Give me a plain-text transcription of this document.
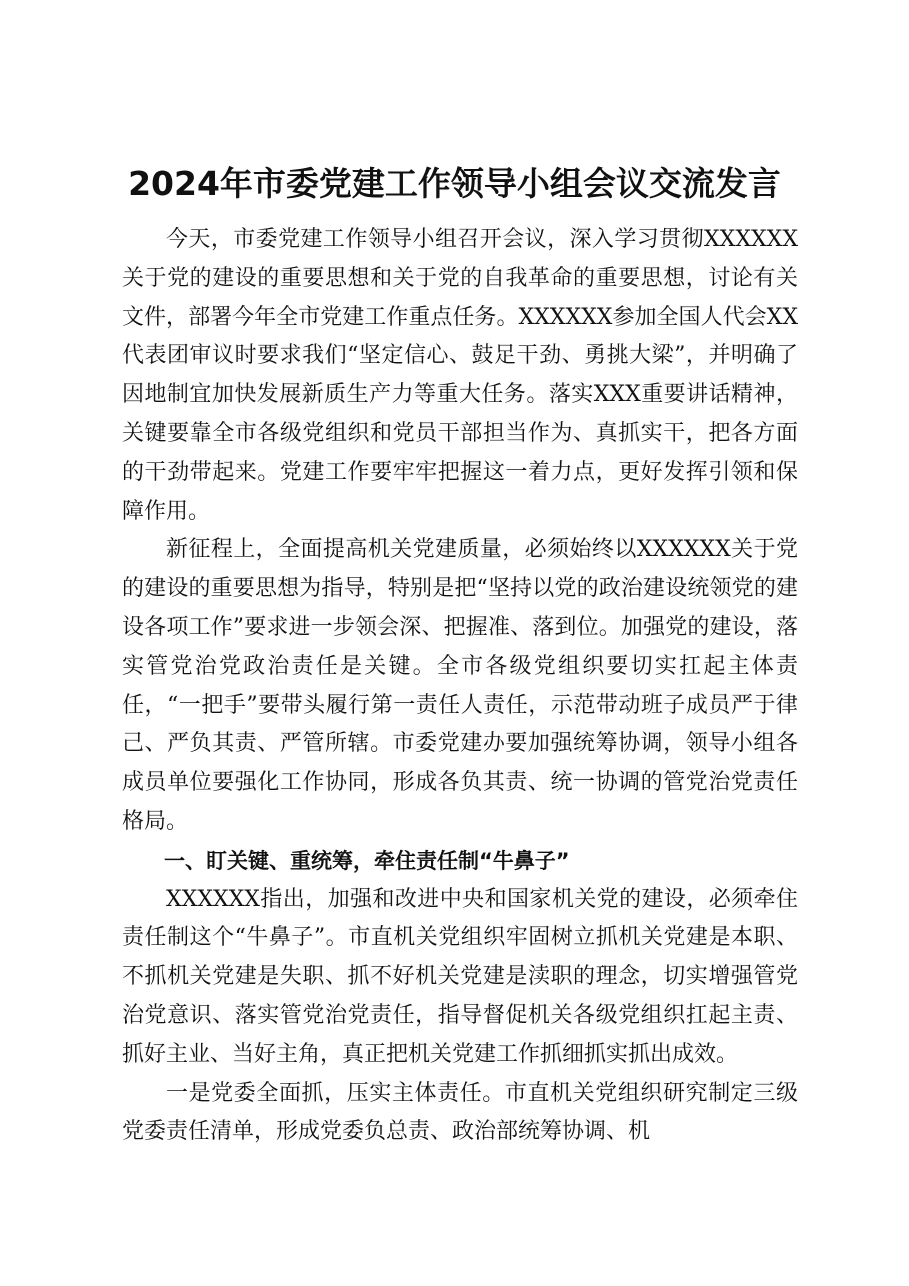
2024年市委党建工作领导小组会议交流发言

今天，市委党建工作领导小组召开会议，深入学习贯彻XXXXXX关于党的建设的重要思想和关于党的自我革命的重要思想，讨论有关文件，部署今年全市党建工作重点任务。XXXXXX参加全国人代会XX代表团审议时要求我们“坚定信心、鼓足干劲、勇挑大梁”，并明确了因地制宜加快发展新质生产力等重大任务。落实XXX重要讲话精神，关键要靠全市各级党组织和党员干部担当作为、真抓实干，把各方面的干劲带起来。党建工作要牢牢把握这一着力点，更好发挥引领和保障作用。

新征程上，全面提高机关党建质量，必须始终以XXXXXX关于党的建设的重要思想为指导，特别是把“坚持以党的政治建设统领党的建设各项工作”要求进一步领会深、把握准、落到位。加强党的建设，落实管党治党政治责任是关键。全市各级党组织要切实扛起主体责任，“一把手”要带头履行第一责任人责任，示范带动班子成员严于律己、严负其责、严管所辖。市委党建办要加强统筹协调，领导小组各成员单位要强化工作协同，形成各负其责、统一协调的管党治党责任格局。

一、盯关键、重统筹，牵住责任制“牛鼻子”

XXXXXX指出，加强和改进中央和国家机关党的建设，必须牵住责任制这个“牛鼻子”。市直机关党组织牢固树立抓机关党建是本职、不抓机关党建是失职、抓不好机关党建是渎职的理念，切实增强管党治党意识、落实管党治党责任，指导督促机关各级党组织扛起主责、抓好主业、当好主角，真正把机关党建工作抓细抓实抓出成效。

一是党委全面抓，压实主体责任。市直机关党组织研究制定三级党委责任清单，形成党委负总责、政治部统筹协调、机
